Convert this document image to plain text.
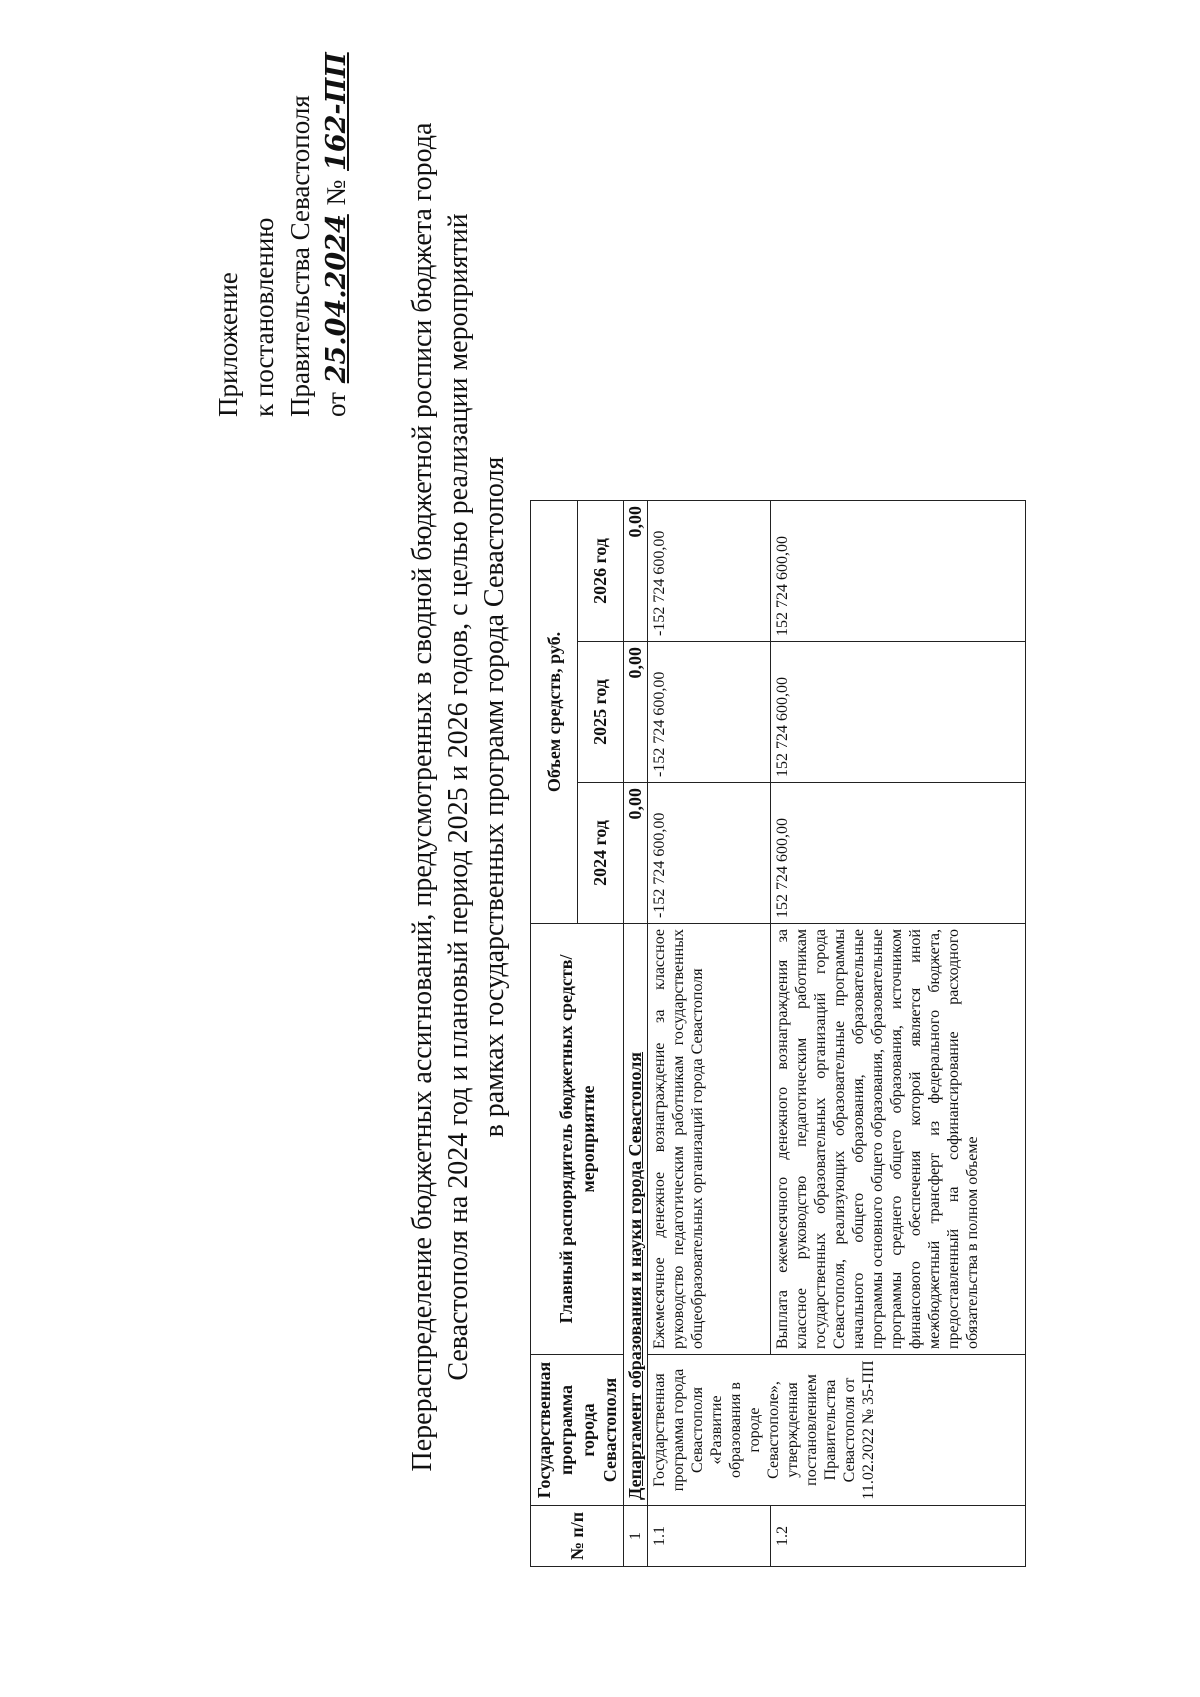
Приложение к постановлению Правительства Севастополя от 25.04.2024 № 162-ПП
Перераспределение бюджетных ассигнований, предусмотренных в сводной бюджетной росписи бюджета города Севастополя на 2024 год и плановый период 2025 и 2026 годов, с целью реализации мероприятий в рамках государственных программ города Севастополя
№ п/п	Государственная программа города Севастополя	Главный распорядитель бюджетных средств/мероприятие	Объем средств, руб.		
			2024 год	2025 год	2026 год
1	Департамент образования и науки города Севастополя		0,00	0,00	0,00
1.1	Государственная программа города Севастополя «Развитие образования в городе Севастополе», утвержденная постановлением Правительства Севастополя от 11.02.2022 № 35-ПП	Ежемесячное денежное вознаграждение за классное руководство педагогическим работникам государственных общеобразовательных организаций города Севастополя	-152 724 600,00	-152 724 600,00	-152 724 600,00
1.2		Выплата ежемесячного денежного вознаграждения за классное руководство педагогическим работникам государственных образовательных организаций города Севастополя, реализующих образовательные программы начального общего образования, образовательные программы основного общего образования, образовательные программы среднего общего образования, источником финансового обеспечения которой является иной межбюджетный трансферт из федерального бюджета, предоставленный на софинансирование расходного обязательства в полном объеме	152 724 600,00	152 724 600,00	152 724 600,00
